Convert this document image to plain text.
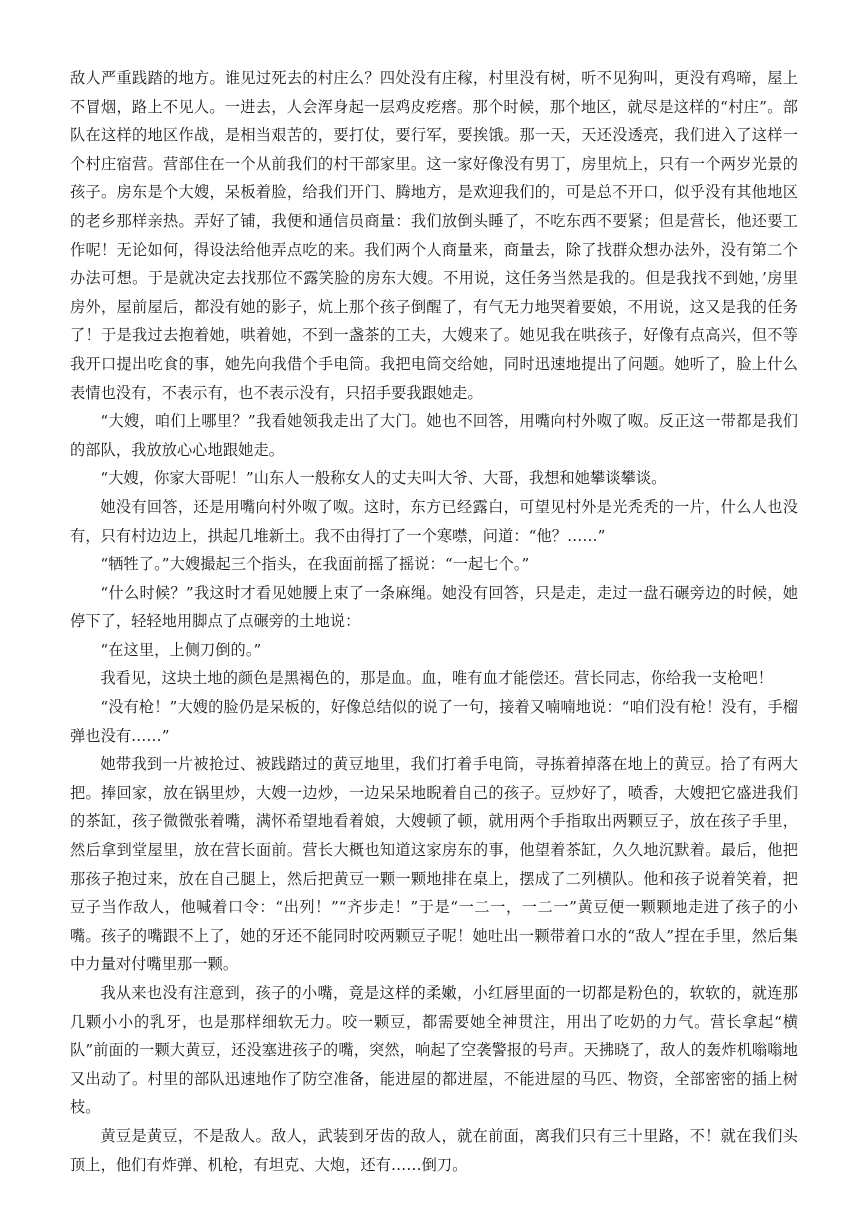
敌人严重践踏的地方。谁见过死去的村庄么？四处没有庄稼，村里没有树，听不见狗叫，更没有鸡啼，屋上不冒烟，路上不见人。一进去，人会浑身起一层鸡皮疙瘩。那个时候，那个地区，就尽是这样的“村庄”。部队在这样的地区作战，是相当艰苦的，要打仗，要行军，要挨饿。那一天，天还没透亮，我们进入了这样一个村庄宿营。营部住在一个从前我们的村干部家里。这一家好像没有男丁，房里炕上，只有一个两岁光景的孩子。房东是个大嫂，呆板着脸，给我们开门、腾地方，是欢迎我们的，可是总不开口，似乎没有其他地区的老乡那样亲热。弄好了铺，我便和通信员商量：我们放倒头睡了，不吃东西不要紧；但是营长，他还要工作呢！无论如何，得设法给他弄点吃的来。我们两个人商量来，商量去，除了找群众想办法外，没有第二个办法可想。于是就决定去找那位不露笑脸的房东大嫂。不用说，这任务当然是我的。但是我找不到她，’房里房外，屋前屋后，都没有她的影子，炕上那个孩子倒醒了，有气无力地哭着要娘，不用说，这又是我的任务了！于是我过去抱着她，哄着她，不到一盏茶的工夫，大嫂来了。她见我在哄孩子，好像有点高兴，但不等我开口提出吃食的事，她先向我借个手电筒。我把电筒交给她，同时迅速地提出了问题。她听了，脸上什么表情也没有，不表示有，也不表示没有，只招手要我跟她走。

“大嫂，咱们上哪里？”我看她领我走出了大门。她也不回答，用嘴向村外呶了呶。反正这一带都是我们的部队，我放放心心地跟她走。

“大嫂，你家大哥呢！”山东人一般称女人的丈夫叫大爷、大哥，我想和她攀谈攀谈。

她没有回答，还是用嘴向村外呶了呶。这时，东方已经露白，可望见村外是光秃秃的一片，什么人也没有，只有村边边上，拱起几堆新土。我不由得打了一个寒噤，问道：“他？……”

“牺牲了。”大嫂撮起三个指头，在我面前摇了摇说：“一起七个。”

“什么时候？”我这时才看见她腰上束了一条麻绳。她没有回答，只是走，走过一盘石碾旁边的时候，她停下了，轻轻地用脚点了点碾旁的土地说：

“在这里，上侧刀倒的。”

我看见，这块土地的颜色是黑褐色的，那是血。血，唯有血才能偿还。营长同志，你给我一支枪吧！

“没有枪！”大嫂的脸仍是呆板的，好像总结似的说了一句，接着又喃喃地说：“咱们没有枪！没有，手榴弹也没有……”

她带我到一片被抢过、被践踏过的黄豆地里，我们打着手电筒，寻拣着掉落在地上的黄豆。拾了有两大把。捧回家，放在锅里炒，大嫂一边炒，一边呆呆地睨着自己的孩子。豆炒好了，喷香，大嫂把它盛进我们的茶缸，孩子微微张着嘴，满怀希望地看着娘，大嫂顿了顿，就用两个手指取出两颗豆子，放在孩子手里，然后拿到堂屋里，放在营长面前。营长大概也知道这家房东的事，他望着茶缸，久久地沉默着。最后，他把那孩子抱过来，放在自己腿上，然后把黄豆一颗一颗地排在桌上，摆成了二列横队。他和孩子说着笑着，把豆子当作敌人，他喊着口令：“出列！”“齐步走！”于是“一二一，一二一”黄豆便一颗颗地走进了孩子的小嘴。孩子的嘴跟不上了，她的牙还不能同时咬两颗豆子呢！她吐出一颗带着口水的“敌人”捏在手里，然后集中力量对付嘴里那一颗。

我从来也没有注意到，孩子的小嘴，竟是这样的柔嫩，小红唇里面的一切都是粉色的，软软的，就连那几颗小小的乳牙，也是那样细软无力。咬一颗豆，都需要她全神贯注，用出了吃奶的力气。营长拿起“横队”前面的一颗大黄豆，还没塞进孩子的嘴，突然，响起了空袭警报的号声。天拂晓了，敌人的轰炸机嗡嗡地又出动了。村里的部队迅速地作了防空准备，能进屋的都进屋，不能进屋的马匹、物资，全部密密的插上树枝。

黄豆是黄豆，不是敌人。敌人，武装到牙齿的敌人，就在前面，离我们只有三十里路，不！就在我们头顶上，他们有炸弹、机枪，有坦克、大炮，还有……倒刀。
